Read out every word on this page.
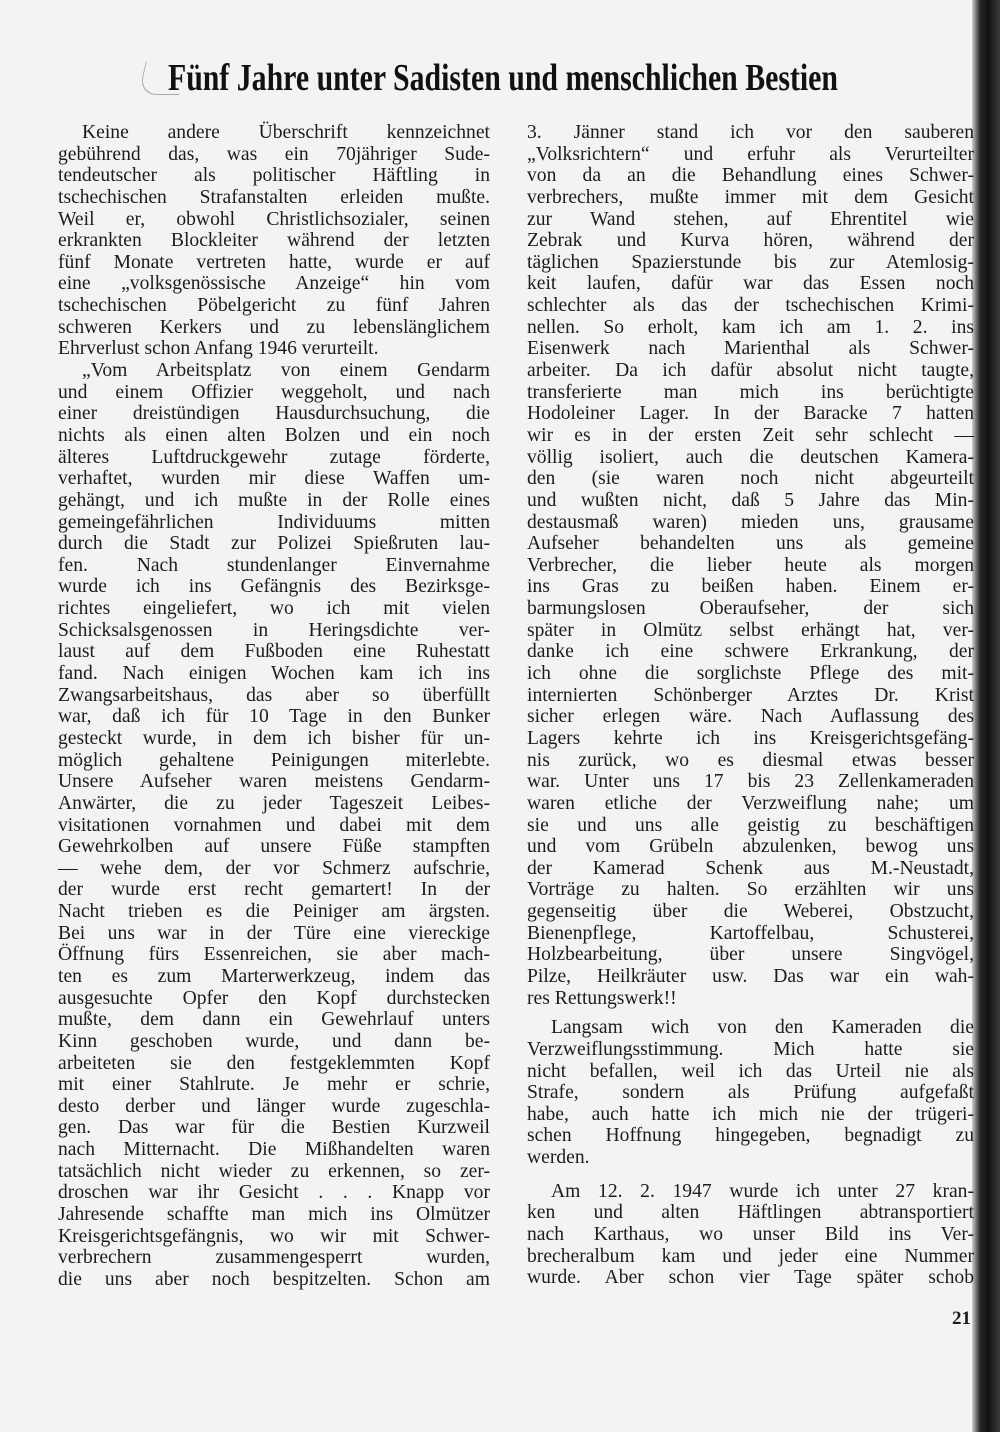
Fünf Jahre unter Sadisten und menschlichen Bestien
Keine andere Überschrift kennzeichnet
gebührend das, was ein 70jähriger Sude-
tendeutscher als politischer Häftling in
tschechischen Strafanstalten erleiden mußte.
Weil er, obwohl Christlichsozialer, seinen
erkrankten Blockleiter während der letzten
fünf Monate vertreten hatte, wurde er auf
eine „volksgenössische Anzeige“ hin vom
tschechischen Pöbelgericht zu fünf Jahren
schweren Kerkers und zu lebenslänglichem
Ehrverlust schon Anfang 1946 verurteilt.
„Vom Arbeitsplatz von einem Gendarm
und einem Offizier weggeholt, und nach
einer dreistündigen Hausdurchsuchung, die
nichts als einen alten Bolzen und ein noch
älteres Luftdruckgewehr zutage förderte,
verhaftet, wurden mir diese Waffen um-
gehängt, und ich mußte in der Rolle eines
gemeingefährlichen Individuums mitten
durch die Stadt zur Polizei Spießruten lau-
fen. Nach stundenlanger Einvernahme
wurde ich ins Gefängnis des Bezirksge-
richtes eingeliefert, wo ich mit vielen
Schicksalsgenossen in Heringsdichte ver-
laust auf dem Fußboden eine Ruhestatt
fand. Nach einigen Wochen kam ich ins
Zwangsarbeitshaus, das aber so überfüllt
war, daß ich für 10 Tage in den Bunker
gesteckt wurde, in dem ich bisher für un-
möglich gehaltene Peinigungen miterlebte.
Unsere Aufseher waren meistens Gendarm-
Anwärter, die zu jeder Tageszeit Leibes-
visitationen vornahmen und dabei mit dem
Gewehrkolben auf unsere Füße stampften
— wehe dem, der vor Schmerz aufschrie,
der wurde erst recht gemartert! In der
Nacht trieben es die Peiniger am ärgsten.
Bei uns war in der Türe eine viereckige
Öffnung fürs Essenreichen, sie aber mach-
ten es zum Marterwerkzeug, indem das
ausgesuchte Opfer den Kopf durchstecken
mußte, dem dann ein Gewehrlauf unters
Kinn geschoben wurde, und dann be-
arbeiteten sie den festgeklemmten Kopf
mit einer Stahlrute. Je mehr er schrie,
desto derber und länger wurde zugeschla-
gen. Das war für die Bestien Kurzweil
nach Mitternacht. Die Mißhandelten waren
tatsächlich nicht wieder zu erkennen, so zer-
droschen war ihr Gesicht . . . Knapp vor
Jahresende schaffte man mich ins Olmützer
Kreisgerichtsgefängnis, wo wir mit Schwer-
verbrechern zusammengesperrt wurden,
die uns aber noch bespitzelten. Schon am
3. Jänner stand ich vor den sauberen
„Volksrichtern“ und erfuhr als Verurteilter
von da an die Behandlung eines Schwer-
verbrechers, mußte immer mit dem Gesicht
zur Wand stehen, auf Ehrentitel wie
Zebrak und Kurva hören, während der
täglichen Spazierstunde bis zur Atemlosig-
keit laufen, dafür war das Essen noch
schlechter als das der tschechischen Krimi-
nellen. So erholt, kam ich am 1. 2. ins
Eisenwerk nach Marienthal als Schwer-
arbeiter. Da ich dafür absolut nicht taugte,
transferierte man mich ins berüchtigte
Hodoleiner Lager. In der Baracke 7 hatten
wir es in der ersten Zeit sehr schlecht —
völlig isoliert, auch die deutschen Kamera-
den (sie waren noch nicht abgeurteilt
und wußten nicht, daß 5 Jahre das Min-
destausmaß waren) mieden uns, grausame
Aufseher behandelten uns als gemeine
Verbrecher, die lieber heute als morgen
ins Gras zu beißen haben. Einem er-
barmungslosen Oberaufseher, der sich
später in Olmütz selbst erhängt hat, ver-
danke ich eine schwere Erkrankung, der
ich ohne die sorglichste Pflege des mit-
internierten Schönberger Arztes Dr. Krist
sicher erlegen wäre. Nach Auflassung des
Lagers kehrte ich ins Kreisgerichtsgefäng-
nis zurück, wo es diesmal etwas besser
war. Unter uns 17 bis 23 Zellenkameraden
waren etliche der Verzweiflung nahe; um
sie und uns alle geistig zu beschäftigen
und vom Grübeln abzulenken, bewog uns
der Kamerad Schenk aus M.-Neustadt,
Vorträge zu halten. So erzählten wir uns
gegenseitig über die Weberei, Obstzucht,
Bienenpflege, Kartoffelbau, Schusterei,
Holzbearbeitung, über unsere Singvögel,
Pilze, Heilkräuter usw. Das war ein wah-
res Rettungswerk!!
Langsam wich von den Kameraden die
Verzweiflungsstimmung. Mich hatte sie
nicht befallen, weil ich das Urteil nie als
Strafe, sondern als Prüfung aufgefaßt
habe, auch hatte ich mich nie der trügeri-
schen Hoffnung hingegeben, begnadigt zu
werden.
Am 12. 2. 1947 wurde ich unter 27 kran-
ken und alten Häftlingen abtransportiert
nach Karthaus, wo unser Bild ins Ver-
brecheralbum kam und jeder eine Nummer
wurde. Aber schon vier Tage später schob
21
